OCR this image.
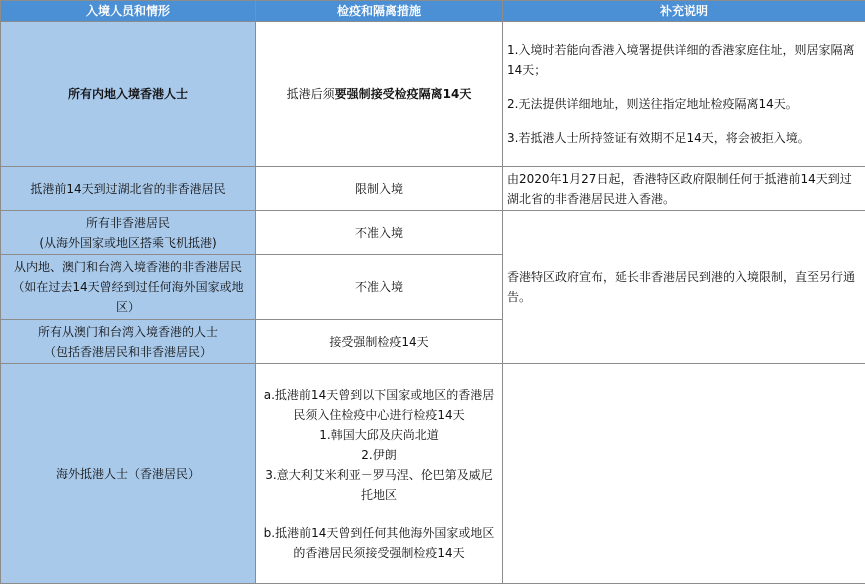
入境人员和情形	检疫和隔离措施	补充说明
所有内地入境香港人士	抵港后须要强制接受检疫隔离14天	1.入境时若能向香港入境署提供详细的香港家庭住址，则居家隔离14天；
2.无法提供详细地址，则送往指定地址检疫隔离14天。
3.若抵港人士所持签证有效期不足14天，将会被拒入境。

抵港前14天到过湖北省的非香港居民	限制入境	由2020年1月27日起，香港特区政府限制任何于抵港前14天到过湖北省的非香港居民进入香港。

所有非香港居民
(从海外国家或地区搭乘飞机抵港)	不准入境	香港特区政府宣布，延长非香港居民到港的入境限制，直至另行通告。
从内地、澳门和台湾入境香港的非香港居民（如在过去14天曾经到过任何海外国家或地区）	不准入境	

所有从澳门和台湾入境香港的人士
（包括香港居民和非香港居民）	接受强制检疫14天	
海外抵港人士（香港居民）	a.抵港前14天曾到以下国家或地区的香港居民须入住检疫中心进行检疫14天
1.韩国大邱及庆尚北道
2.伊朗
3.意大利艾米利亚－罗马涅、伦巴第及威尼托地区
b.抵港前14天曾到任何其他海外国家或地区的香港居民须接受强制检疫14天	
